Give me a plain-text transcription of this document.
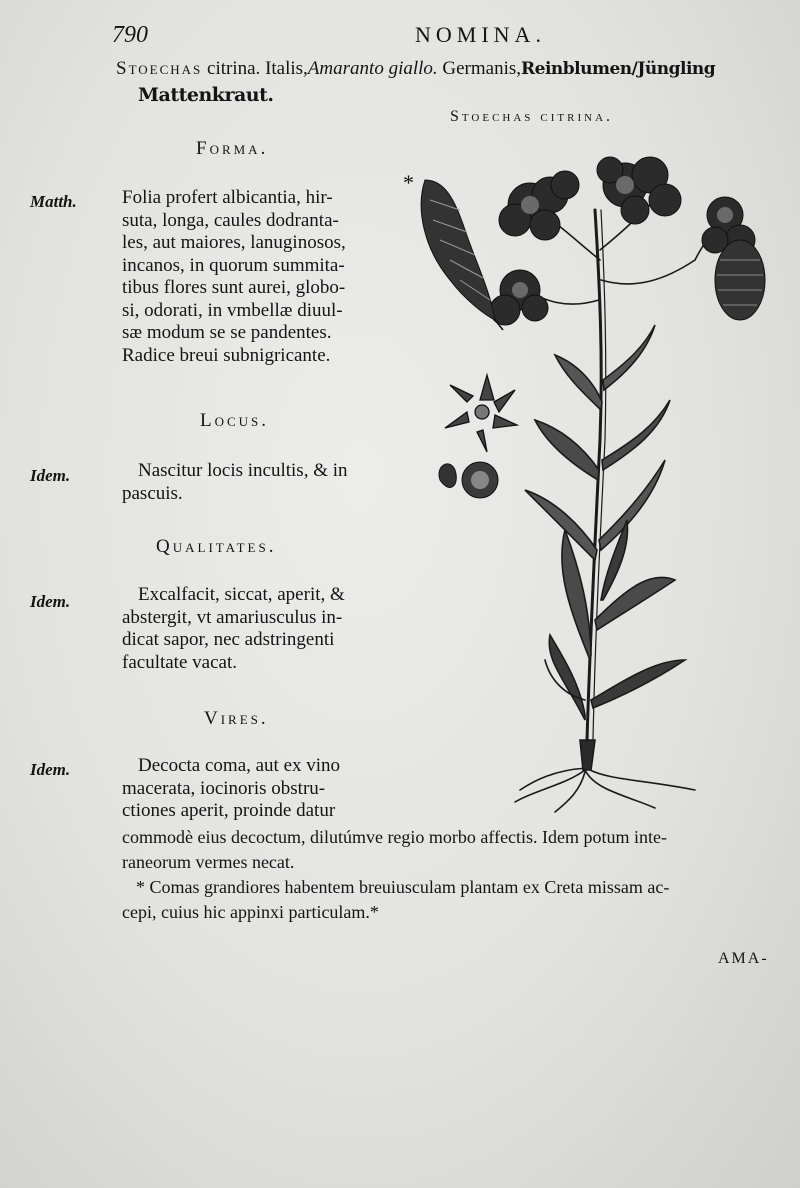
790	NOMINA.
Stoechas citrina. Italis,Amaranto giallo. Germanis,Reinblumen/Jüngling
Mattenkraut.
Stoechas citrina.
Forma.
Matth. Folia profert albicantia, hir-
suta, longa, caules dodranta-
les, aut maiores, lanuginosos,
incanos, in quorum summita-
tibus flores sunt aurei, globo-
si, odorati, in vmbellæ diuul-
sæ modum se se pandentes.
Radice breui subnigricante.
Locus.
Idem.	Nascitur locis incultis, & in
pascuis.
Qualitates.
Idem.	Excalfacit, siccat, aperit, &
abstergit, vt amariusculus in-
dicat sapor, nec adstringenti
facultate vacat.
Vires.
Idem.	Decocta coma, aut ex vino
macerata, iocinoris obstru-
ctiones aperit, proinde datur
commodè eius decoctum, dilutúmve regio morbo affectis. Idem potum inte-
raneorum vermes necat.
* Comas grandiores habentem breuiusculam plantam ex Creta missam ac-
cepi, cuius hic appinxi particulam.*
AMA-
*
